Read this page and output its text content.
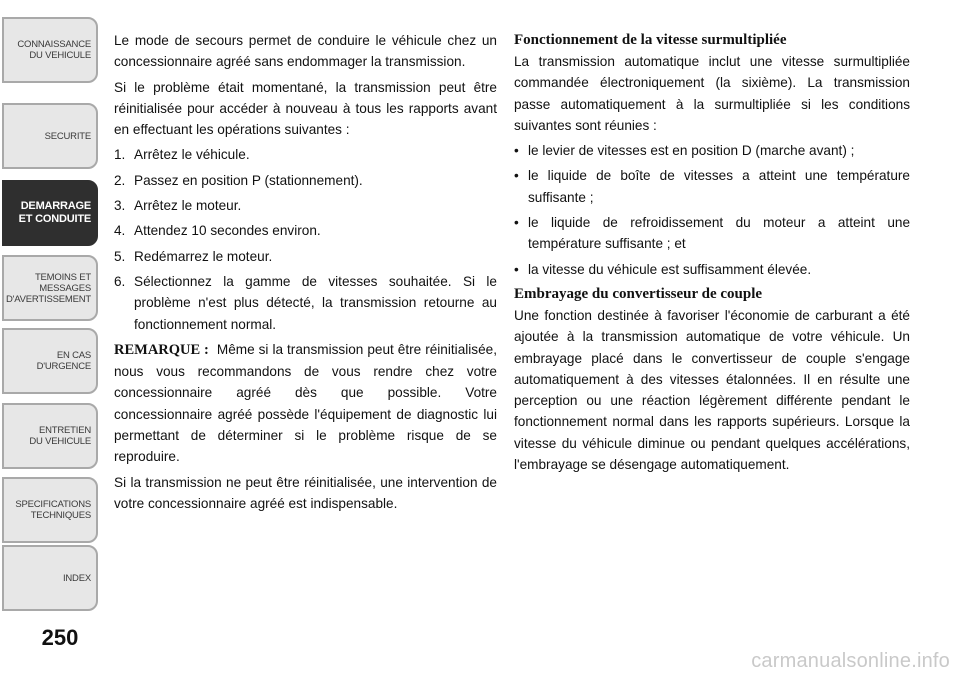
CONNAISSANCE
DU VEHICULE
SECURITE
DEMARRAGE
ET CONDUITE
TEMOINS ET
MESSAGES
D'AVERTISSEMENT
EN CAS
D'URGENCE
ENTRETIEN
DU VEHICULE
SPECIFICATIONS
TECHNIQUES
INDEX
250

Le mode de secours permet de conduire le véhicule chez un concessionnaire agréé sans endommager la transmission.

Si le problème était momentané, la transmission peut être réinitialisée pour accéder à nouveau à tous les rapports avant en effectuant les opérations suivantes :

1. Arrêtez le véhicule.
2. Passez en position P (stationnement).
3. Arrêtez le moteur.
4. Attendez 10 secondes environ.
5. Redémarrez le moteur.
6. Sélectionnez la gamme de vitesses souhaitée. Si le problème n'est plus détecté, la transmission retourne au fonctionnement normal.

REMARQUE : Même si la transmission peut être réinitialisée, nous vous recommandons de vous rendre chez votre concessionnaire agréé dès que possible. Votre concessionnaire agréé possède l'équipement de diagnostic lui permettant de déterminer si le problème risque de se reproduire.

Si la transmission ne peut être réinitialisée, une intervention de votre concessionnaire agréé est indispensable.

Fonctionnement de la vitesse surmultipliée

La transmission automatique inclut une vitesse surmultipliée commandée électroniquement (la sixième). La transmission passe automatiquement à la surmultipliée si les conditions suivantes sont réunies :

• le levier de vitesses est en position D (marche avant) ;
• le liquide de boîte de vitesses a atteint une température suffisante ;
• le liquide de refroidissement du moteur a atteint une température suffisante ; et
• la vitesse du véhicule est suffisamment élevée.
Embrayage du convertisseur de couple

Une fonction destinée à favoriser l'économie de carburant a été ajoutée à la transmission automatique de votre véhicule. Un embrayage placé dans le convertisseur de couple s'engage automatiquement à des vitesses étalonnées. Il en résulte une perception ou une réaction légèrement différente pendant le fonctionnement normal dans les rapports supérieurs. Lorsque la vitesse du véhicule diminue ou pendant quelques accélérations, l'embrayage se désengage automatiquement.

carmanualsonline.info
